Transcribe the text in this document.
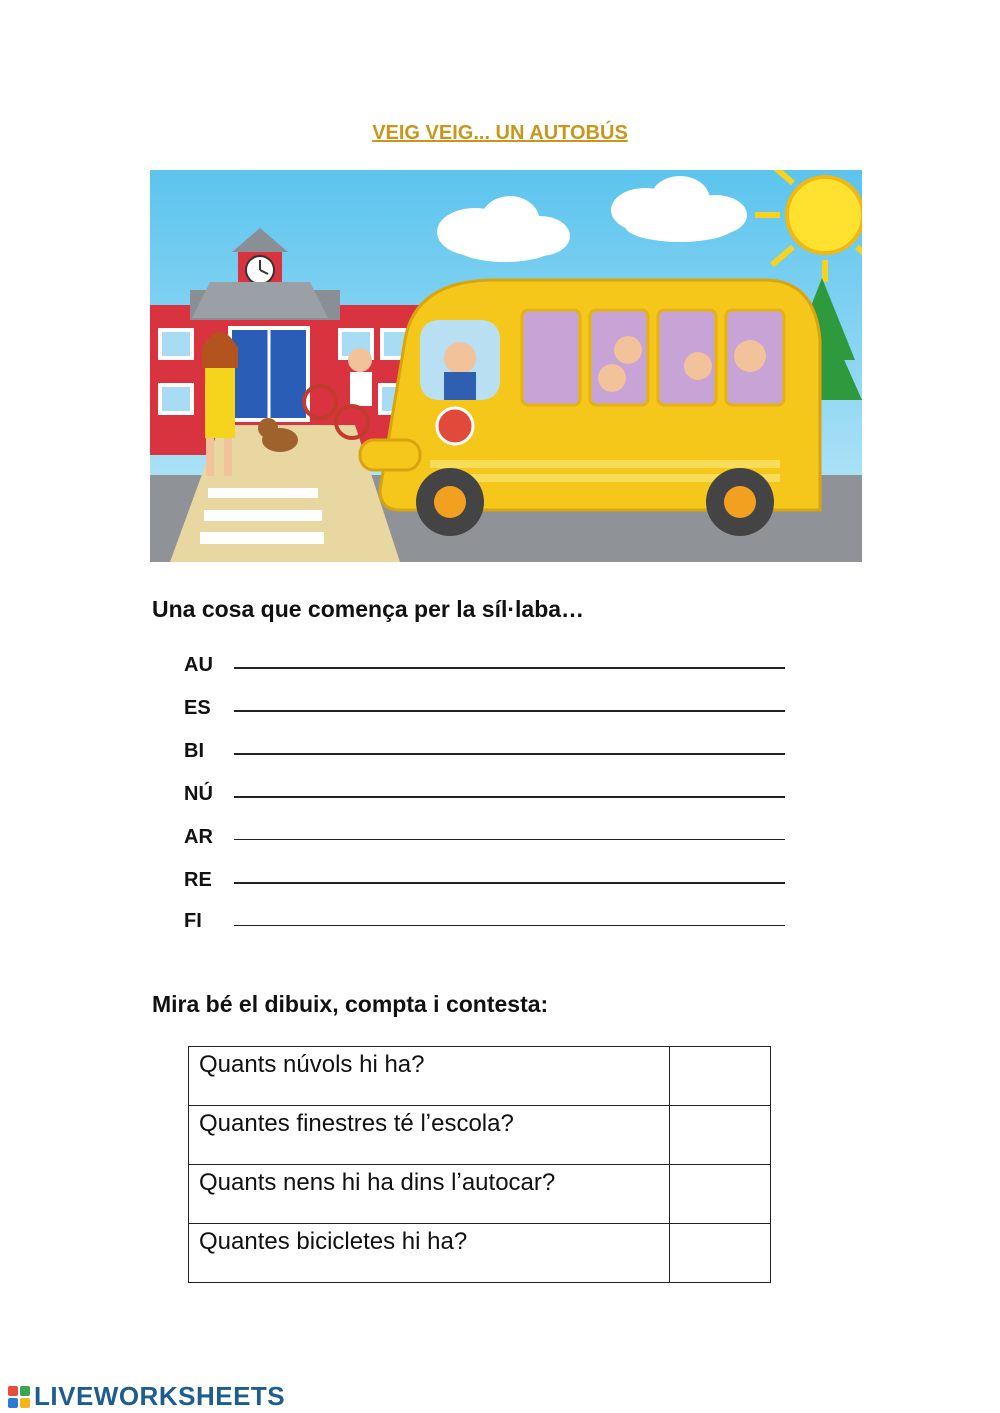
VEIG VEIG... UN AUTOBÚS
Una cosa que comença per la síl·laba…
AU
ES
BI
NÚ
AR
RE
FI
Mira bé el dibuix, compta i contesta:
Quants núvols hi ha?	
Quantes finestres té lʼescola?	
Quants nens hi ha dins lʼautocar?	
Quantes bicicletes hi ha?	
LIVEWORKSHEETS
